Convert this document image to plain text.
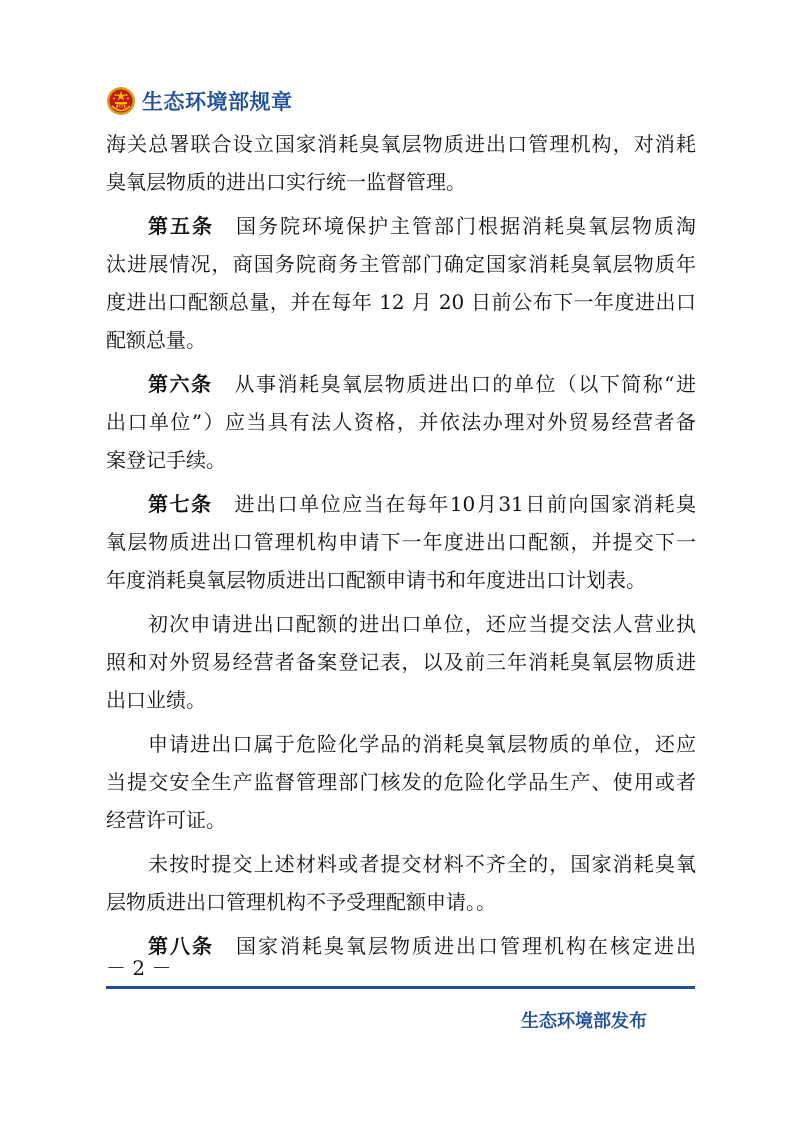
生态环境部规章
海关总署联合设立国家消耗臭氧层物质进出口管理机构，对消耗
臭氧层物质的进出口实行统一监督管理。
第五条 国务院环境保护主管部门根据消耗臭氧层物质淘
汰进展情况，商国务院商务主管部门确定国家消耗臭氧层物质年
度进出口配额总量，并在每年 12 月 20 日前公布下一年度进出口
配额总量。
第六条 从事消耗臭氧层物质进出口的单位（以下简称“进
出口单位”）应当具有法人资格，并依法办理对外贸易经营者备
案登记手续。
第七条 进出口单位应当在每年10月31日前向国家消耗臭
氧层物质进出口管理机构申请下一年度进出口配额，并提交下一
年度消耗臭氧层物质进出口配额申请书和年度进出口计划表。
初次申请进出口配额的进出口单位，还应当提交法人营业执
照和对外贸易经营者备案登记表，以及前三年消耗臭氧层物质进
出口业绩。
申请进出口属于危险化学品的消耗臭氧层物质的单位，还应
当提交安全生产监督管理部门核发的危险化学品生产、使用或者
经营许可证。
未按时提交上述材料或者提交材料不齐全的，国家消耗臭氧
层物质进出口管理机构不予受理配额申请。。
第八条 国家消耗臭氧层物质进出口管理机构在核定进出
－ 2 －
生态环境部发布
